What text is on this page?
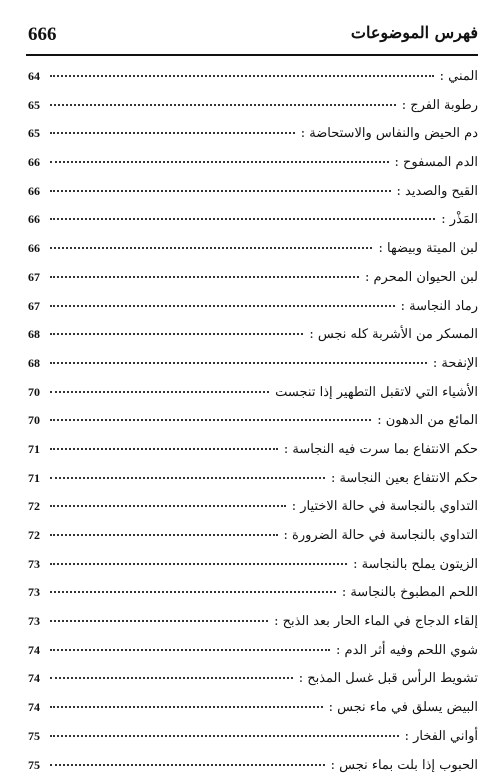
666	فهرس الموضوعات
المني :
64
رطوبة الفرج :
65
دم الحيض والنفاس والاستحاضة :
65
الدم المسفوح :
66
القيح والصديد :
66
المَذْر :
66
لبن الميتة وبيضها :
66
لبن الحيوان المحرم :
67
رماد النجاسة :
67
المسكر من الأشربة كله نجس :
68
الإنفحة :
68
الأشياء التي لاتقبل التطهير إذا تنجست
70
المائع من الدهون :
70
حكم الانتفاع بما سرت فيه النجاسة :
71
حكم الانتفاع بعين النجاسة :
71
التداوي بالنجاسة في حالة الاختيار :
72
التداوي بالنجاسة في حالة الضرورة :
72
الزيتون يملح بالنجاسة :
73
اللحم المطبوخ بالنجاسة :
73
إلقاء الدجاج في الماء الحار بعد الذبح :
73
شوي اللحم وفيه أثر الدم :
74
تشويط الرأس قبل غسل المذبح :
74
البيض يسلق في ماء نجس :
74
أواني الفخار :
75
الحبوب إذا بلت بماء نجس :
75
